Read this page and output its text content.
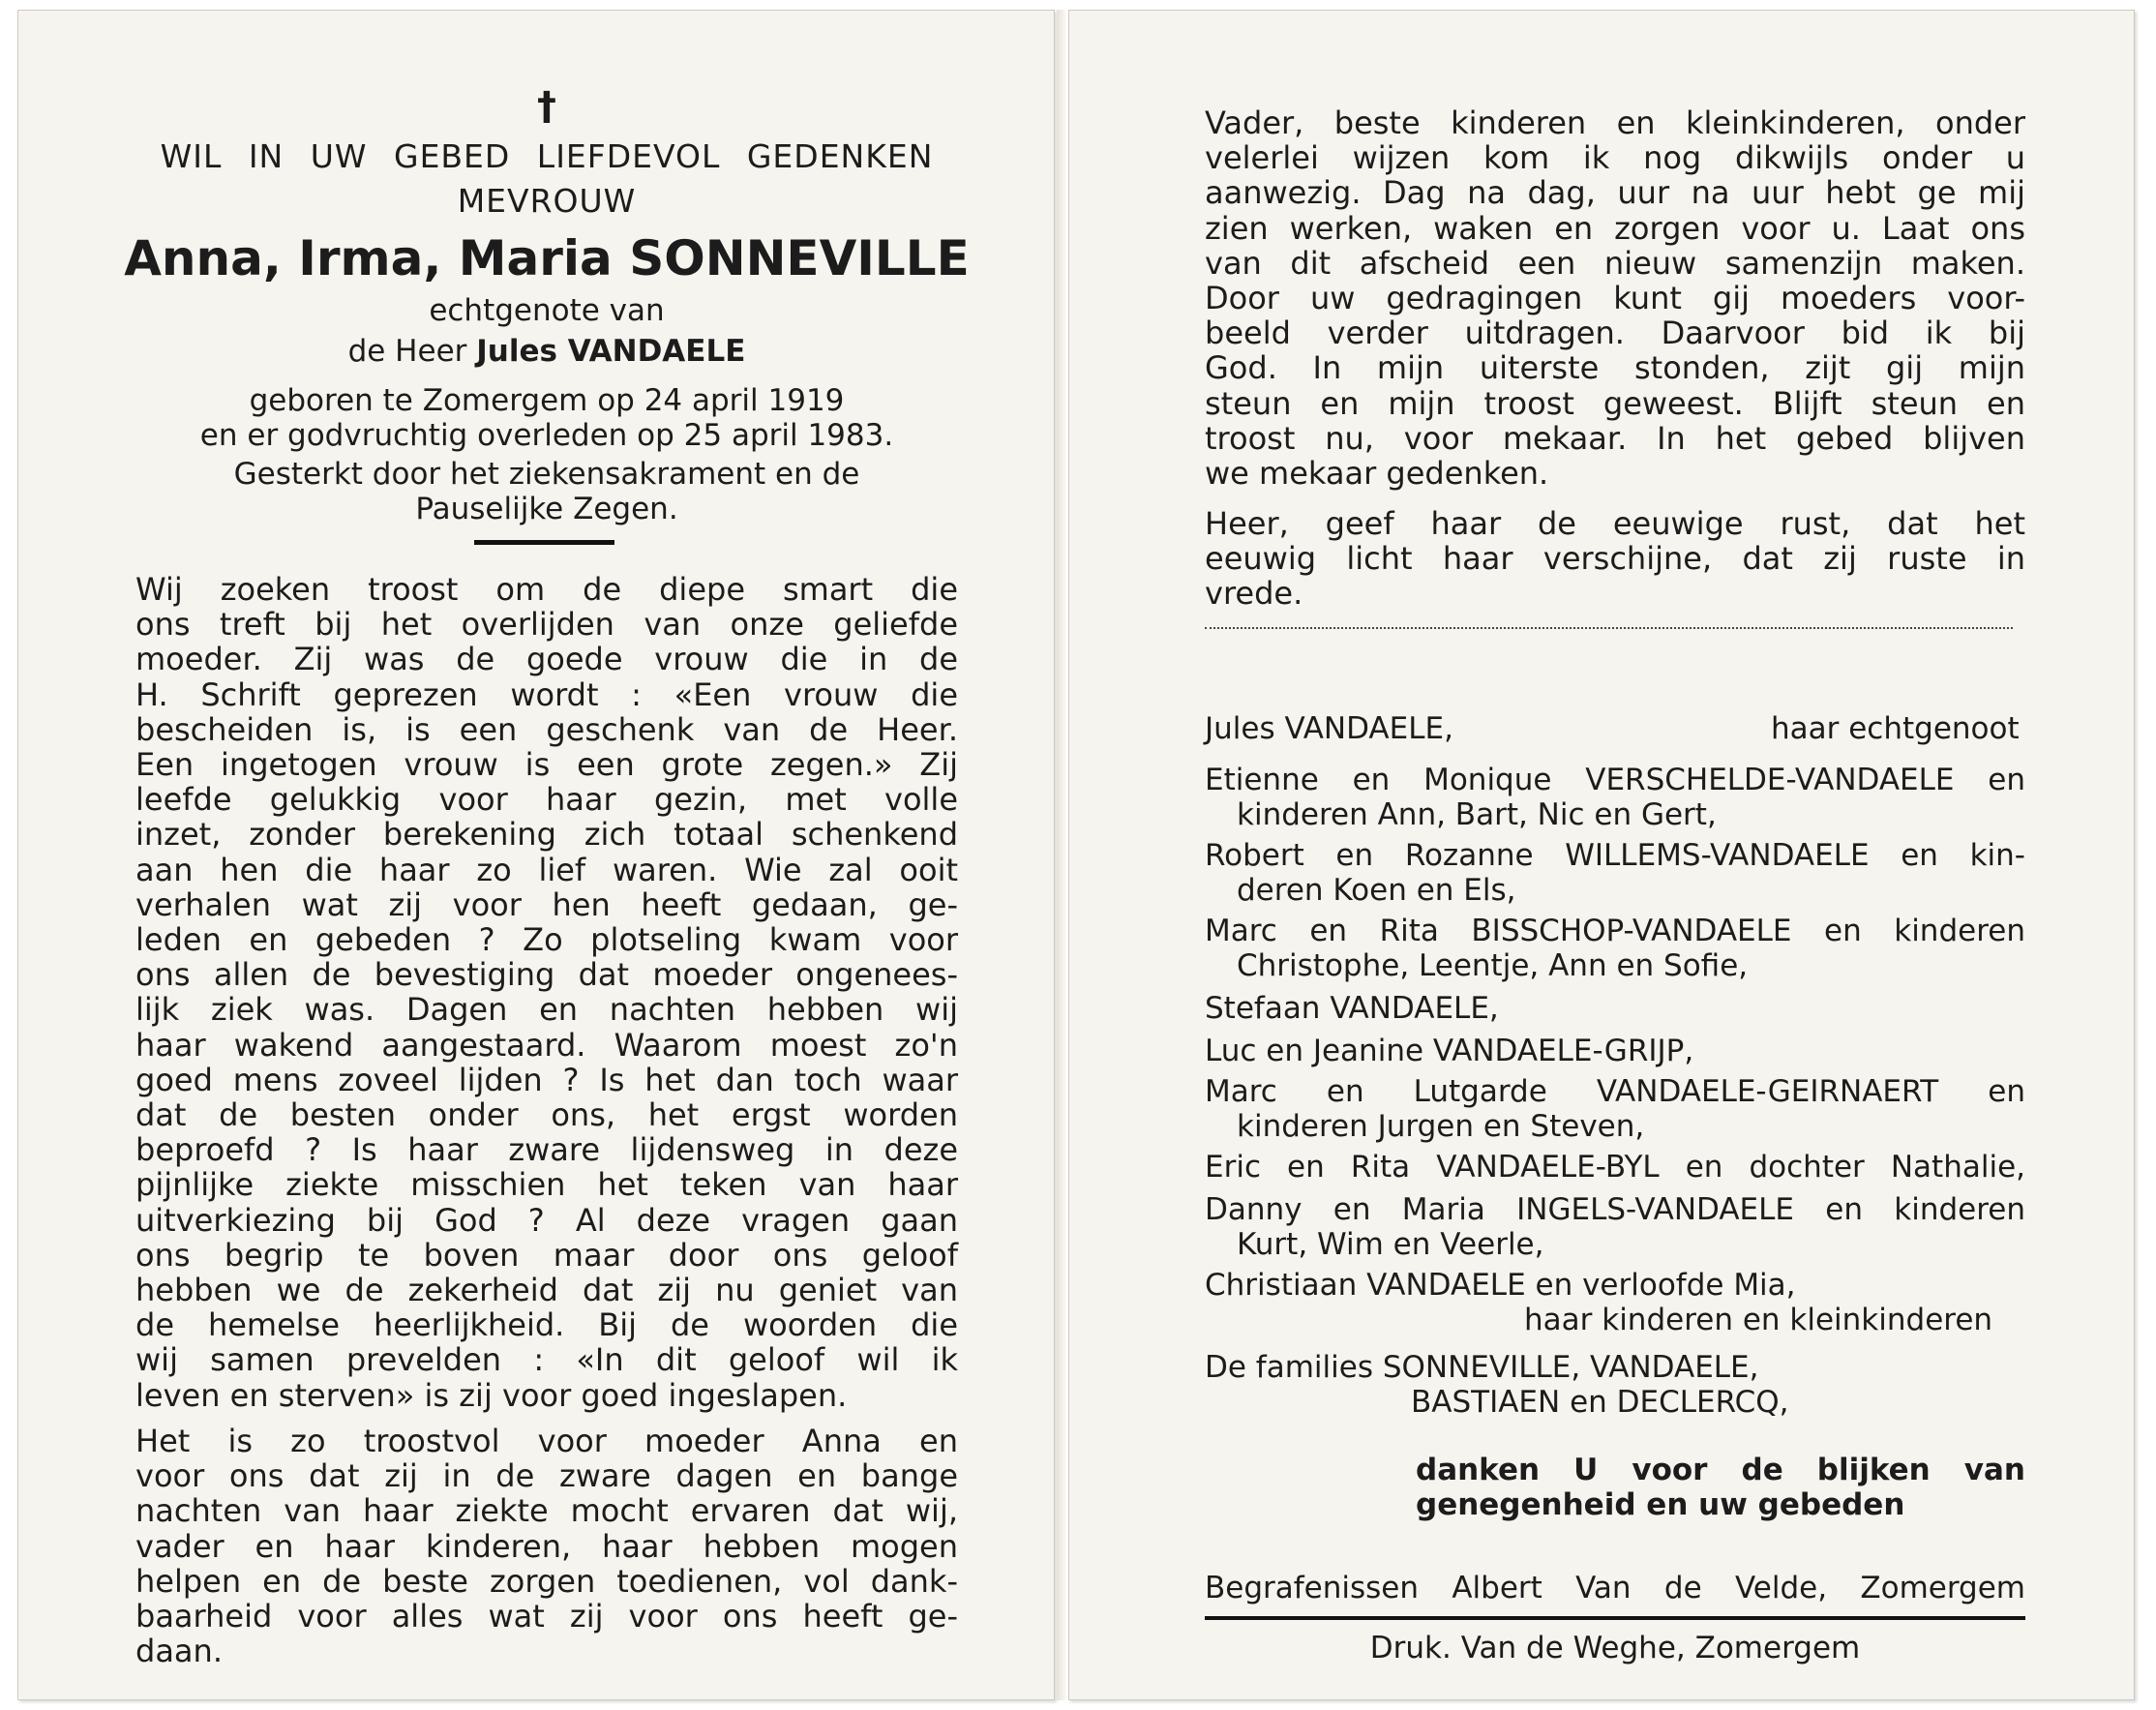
†
WIL IN UW GEBED LIEFDEVOL GEDENKEN
MEVROUW
Anna, Irma, Maria SONNEVILLE
echtgenote van
de Heer Jules VANDAELE
geboren te Zomergem op 24 april 1919
en er godvruchtig overleden op 25 april 1983.
Gesterkt door het ziekensakrament en de
Pauselijke Zegen.
Wij zoeken troost om de diepe smart die
ons treft bij het overlijden van onze geliefde
moeder. Zij was de goede vrouw die in de
H. Schrift geprezen wordt : «Een vrouw die
bescheiden is, is een geschenk van de Heer.
Een ingetogen vrouw is een grote zegen.» Zij
leefde gelukkig voor haar gezin, met volle
inzet, zonder berekening zich totaal schenkend
aan hen die haar zo lief waren. Wie zal ooit
verhalen wat zij voor hen heeft gedaan, ge-
leden en gebeden ? Zo plotseling kwam voor
ons allen de bevestiging dat moeder ongenees-
lijk ziek was. Dagen en nachten hebben wij
haar wakend aangestaard. Waarom moest zo'n
goed mens zoveel lijden ? Is het dan toch waar
dat de besten onder ons, het ergst worden
beproefd ? Is haar zware lijdensweg in deze
pijnlijke ziekte misschien het teken van haar
uitverkiezing bij God ? Al deze vragen gaan
ons begrip te boven maar door ons geloof
hebben we de zekerheid dat zij nu geniet van
de hemelse heerlijkheid. Bij de woorden die
wij samen prevelden : «In dit geloof wil ik
leven en sterven» is zij voor goed ingeslapen.
Het is zo troostvol voor moeder Anna en
voor ons dat zij in de zware dagen en bange
nachten van haar ziekte mocht ervaren dat wij,
vader en haar kinderen, haar hebben mogen
helpen en de beste zorgen toedienen, vol dank-
baarheid voor alles wat zij voor ons heeft ge-
daan.
Vader, beste kinderen en kleinkinderen, onder
velerlei wijzen kom ik nog dikwijls onder u
aanwezig. Dag na dag, uur na uur hebt ge mij
zien werken, waken en zorgen voor u. Laat ons
van dit afscheid een nieuw samenzijn maken.
Door uw gedragingen kunt gij moeders voor-
beeld verder uitdragen. Daarvoor bid ik bij
God. In mijn uiterste stonden, zijt gij mijn
steun en mijn troost geweest. Blijft steun en
troost nu, voor mekaar. In het gebed blijven
we mekaar gedenken.
Heer, geef haar de eeuwige rust, dat het
eeuwig licht haar verschijne, dat zij ruste in
vrede.
Jules VANDAELE,	haar echtgenoot
Etienne en Monique VERSCHELDE-VANDAELE en
kinderen Ann, Bart, Nic en Gert,
Robert en Rozanne WILLEMS-VANDAELE en kin-
deren Koen en Els,
Marc en Rita BISSCHOP-VANDAELE en kinderen
Christophe, Leentje, Ann en Sofie,
Stefaan VANDAELE,
Luc en Jeanine VANDAELE-GRIJP,
Marc en Lutgarde VANDAELE-GEIRNAERT en
kinderen Jurgen en Steven,
Eric en Rita VANDAELE-BYL en dochter Nathalie,
Danny en Maria INGELS-VANDAELE en kinderen
Kurt, Wim en Veerle,
Christiaan VANDAELE en verloofde Mia,
haar kinderen en kleinkinderen
De families SONNEVILLE, VANDAELE,
BASTIAEN en DECLERCQ,
danken U voor de blijken van
genegenheid en uw gebeden
Begrafenissen Albert Van de Velde, Zomergem
Druk. Van de Weghe, Zomergem
